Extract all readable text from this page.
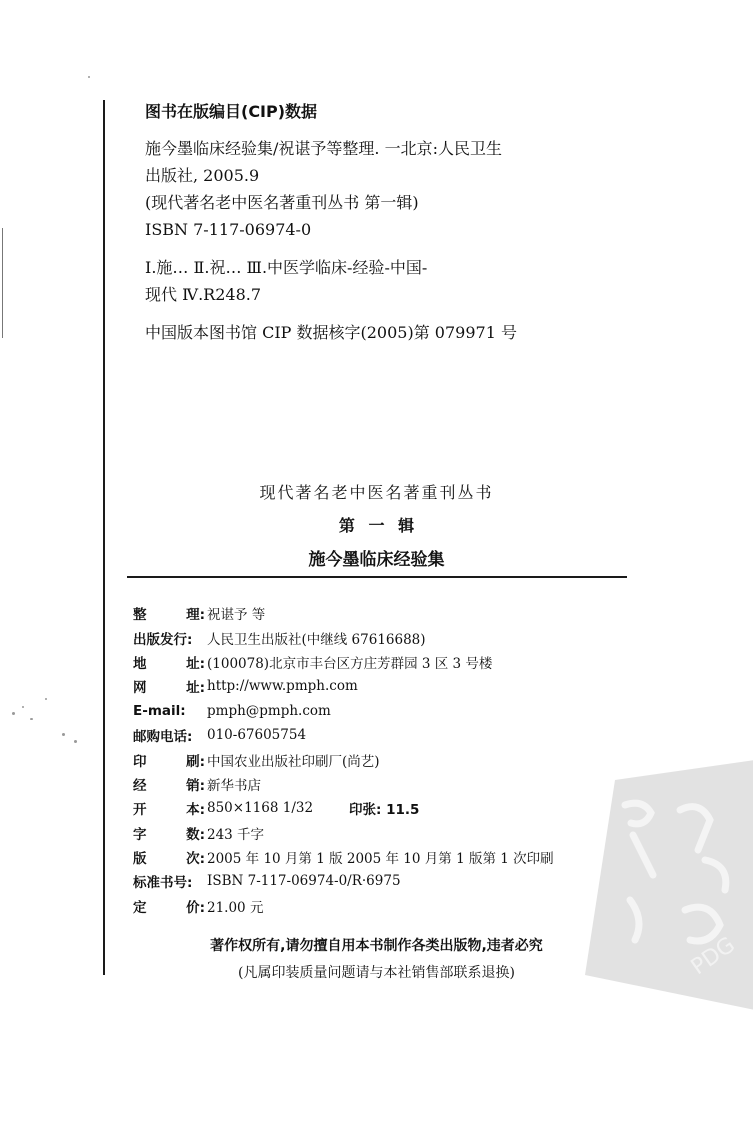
图书在版编目(CIP)数据

施今墨临床经验集/祝谌予等整理. 一北京:人民卫生

出版社, 2005.9

(现代著名老中医名著重刊丛书 第一辑)

ISBN 7-117-06974-0

Ⅰ.施… Ⅱ.祝… Ⅲ.中医学临床-经验-中国-

现代 Ⅳ.R248.7

中国版本图书馆 CIP 数据核字(2005)第 079971 号

现代著名老中医名著重刊丛书
第 一 辑
施今墨临床经验集
整	理: 祝谌予 等
出版发行: 人民卫生出版社(中继线 67616688)
地	址: (100078)北京市丰台区方庄芳群园 3 区 3 号楼
网	址: http://www.pmph.com
E-mail: pmph@pmph.com
邮购电话: 010-67605754
印	刷: 中国农业出版社印刷厂(尚艺)
经	销: 新华书店
开	本: 850×1168 1/32	印张: 11.5
字	数: 243 千字
版	次: 2005 年 10 月第 1 版 2005 年 10 月第 1 版第 1 次印刷
标准书号: ISBN 7-117-06974-0/R·6975
定	价: 21.00 元
著作权所有,请勿擅自用本书制作各类出版物,违者必究
(凡属印装质量问题请与本社销售部联系退换)	PDG
